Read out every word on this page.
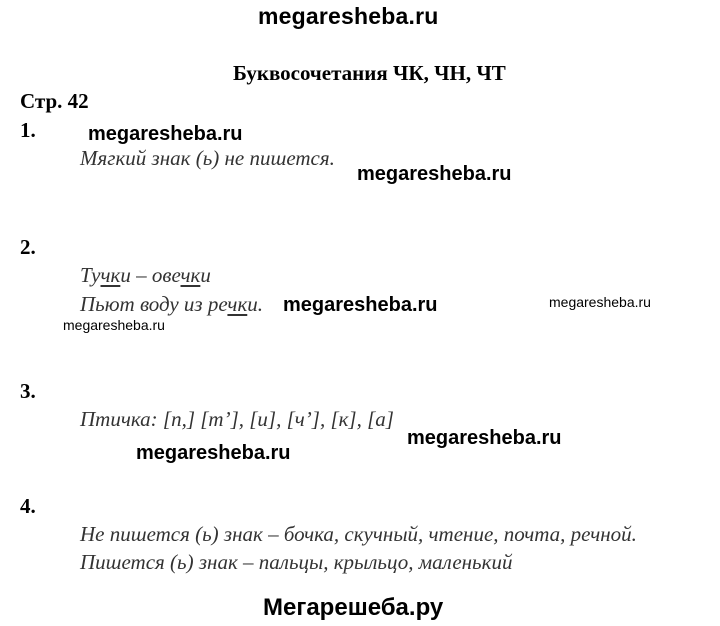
megaresheba.ru
Буквосочетания ЧК, ЧН, ЧТ
Стр. 42
1.	megaresheba.ru
Мягкий знак (ь) не пишется.
megaresheba.ru
2.
Тучки – овечки
Пьют воду из речки. megaresheba.ru	megaresheba.ru
megaresheba.ru
3.
Птичка: [п,] [т’], [и], [ч’], [к], [а]
megaresheba.ru
megaresheba.ru
4.
Не пишется (ь) знак – бочка, скучный, чтение, почта, речной.
Пишется (ь) знак – пальцы, крыльцо, маленький
Мегарешеба.ру
